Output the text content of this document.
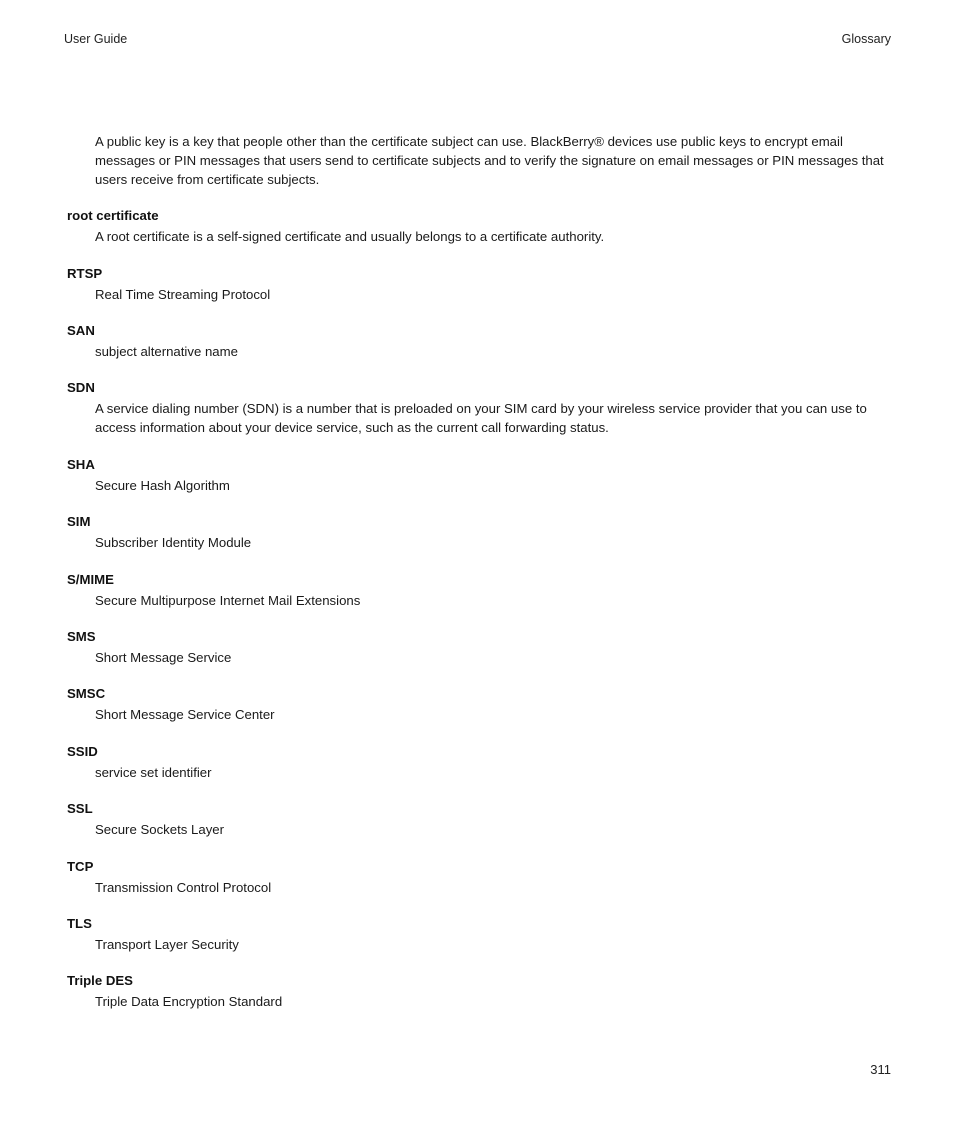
User Guide	Glossary

A public key is a key that people other than the certificate subject can use. BlackBerry® devices use public keys to encrypt email messages or PIN messages that users send to certificate subjects and to verify the signature on email messages or PIN messages that users receive from certificate subjects.

root certificate
A root certificate is a self-signed certificate and usually belongs to a certificate authority.
RTSP
Real Time Streaming Protocol
SAN
subject alternative name
SDN
A service dialing number (SDN) is a number that is preloaded on your SIM card by your wireless service provider that you can use to access information about your device service, such as the current call forwarding status.
SHA
Secure Hash Algorithm
SIM
Subscriber Identity Module
S/MIME
Secure Multipurpose Internet Mail Extensions
SMS
Short Message Service
SMSC
Short Message Service Center
SSID
service set identifier
SSL
Secure Sockets Layer
TCP
Transmission Control Protocol
TLS
Transport Layer Security
Triple DES
Triple Data Encryption Standard
311
